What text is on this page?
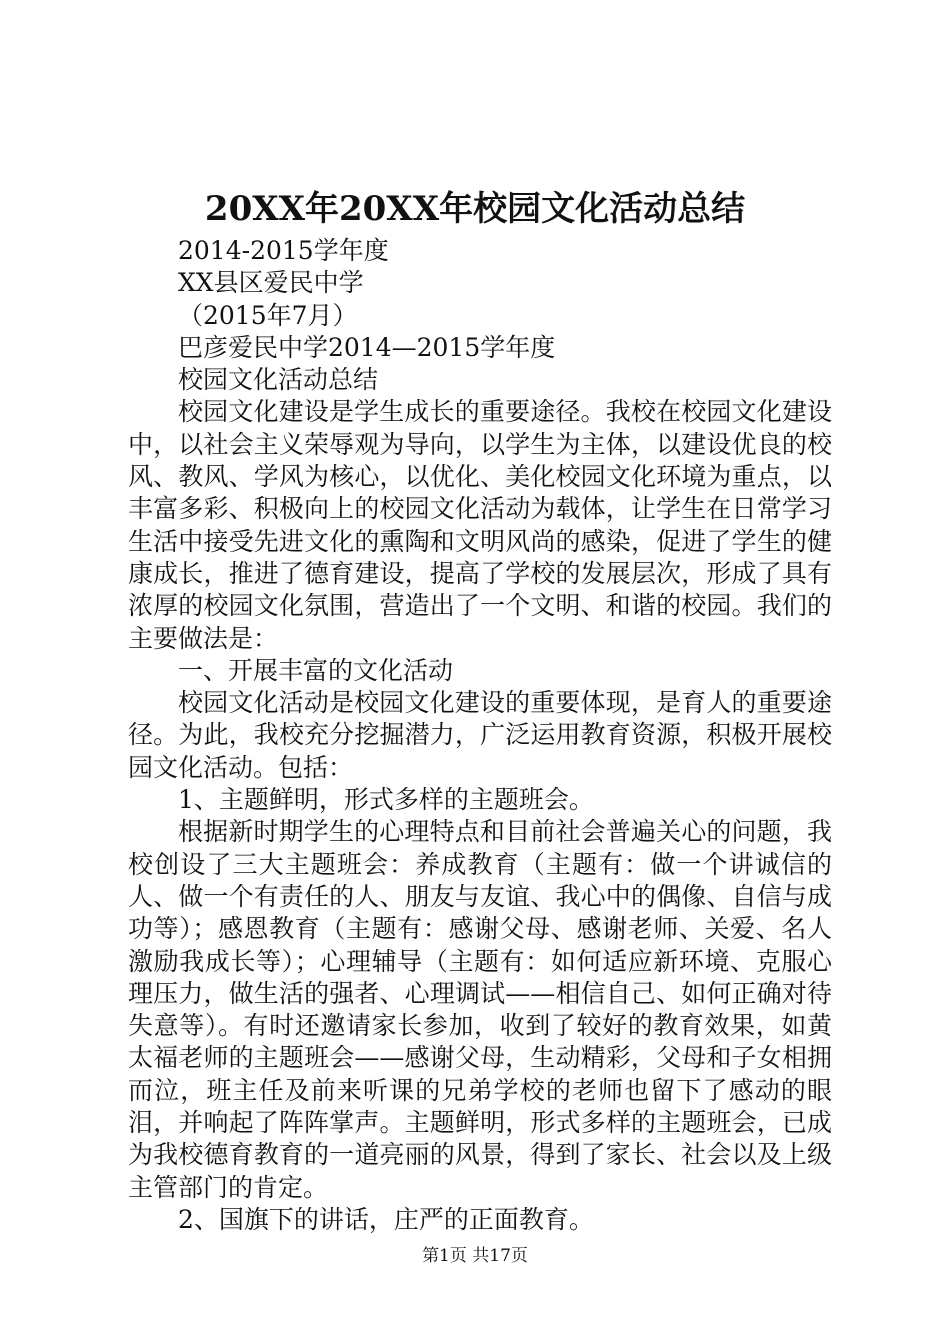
20XX年20XX年校园文化活动总结

2014-2015学年度

XX县区爱民中学

（2015年7月）

巴彦爱民中学2014—2015学年度

校园文化活动总结

校园文化建设是学生成长的重要途径。我校在校园文化建设中，以社会主义荣辱观为导向，以学生为主体，以建设优良的校风、教风、学风为核心，以优化、美化校园文化环境为重点，以丰富多彩、积极向上的校园文化活动为载体，让学生在日常学习生活中接受先进文化的熏陶和文明风尚的感染，促进了学生的健康成长，推进了德育建设，提高了学校的发展层次，形成了具有浓厚的校园文化氛围，营造出了一个文明、和谐的校园。我们的主要做法是：

一、开展丰富的文化活动

校园文化活动是校园文化建设的重要体现，是育人的重要途径。为此，我校充分挖掘潜力，广泛运用教育资源，积极开展校园文化活动。包括：

1、主题鲜明，形式多样的主题班会。

根据新时期学生的心理特点和目前社会普遍关心的问题，我校创设了三大主题班会：养成教育（主题有：做一个讲诚信的人、做一个有责任的人、朋友与友谊、我心中的偶像、自信与成功等）；感恩教育（主题有：感谢父母、感谢老师、关爱、名人激励我成长等）；心理辅导（主题有：如何适应新环境、克服心理压力，做生活的强者、心理调试——相信自己、如何正确对待失意等）。有时还邀请家长参加，收到了较好的教育效果，如黄太福老师的主题班会——感谢父母，生动精彩，父母和子女相拥而泣，班主任及前来听课的兄弟学校的老师也留下了感动的眼泪，并响起了阵阵掌声。主题鲜明，形式多样的主题班会，已成为我校德育教育的一道亮丽的风景，得到了家长、社会以及上级主管部门的肯定。

2、国旗下的讲话，庄严的正面教育。

第1页 共17页
